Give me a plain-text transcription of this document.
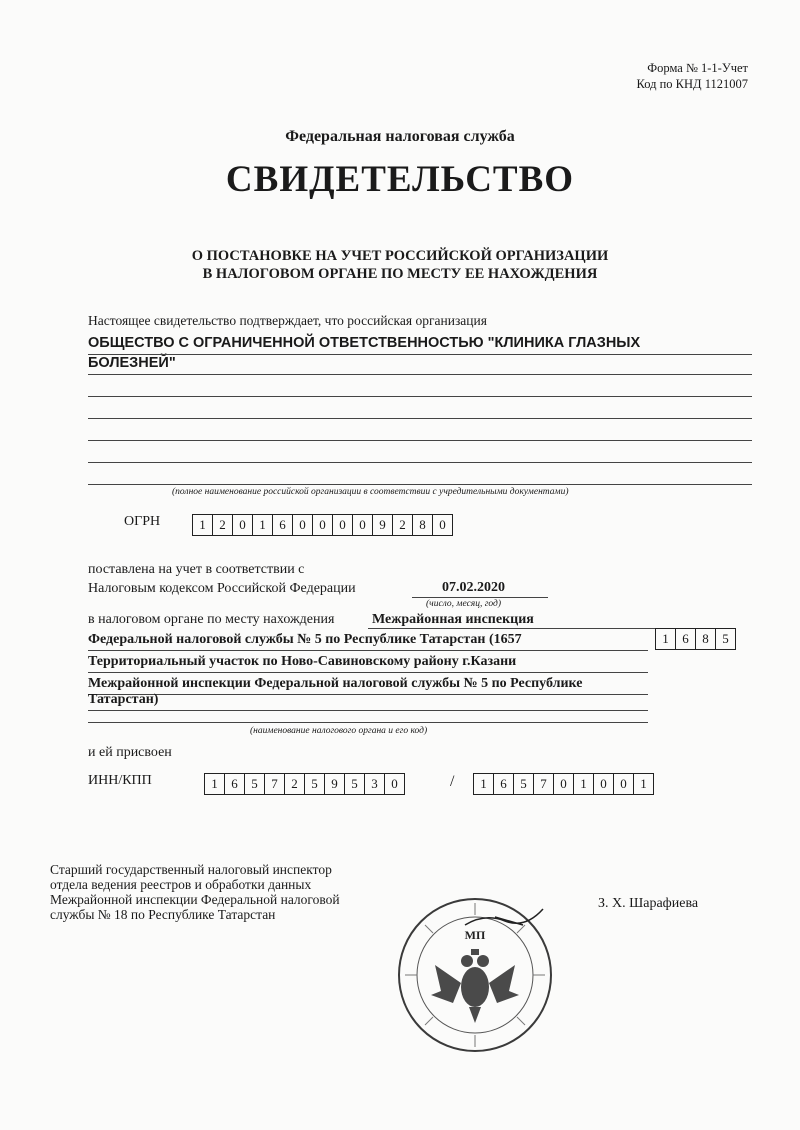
Форма № 1-1-Учет
Код по КНД 1121007
Федеральная налоговая служба
СВИДЕТЕЛЬСТВО
О ПОСТАНОВКЕ НА УЧЕТ РОССИЙСКОЙ ОРГАНИЗАЦИИ
В НАЛОГОВОМ ОРГАНЕ ПО МЕСТУ ЕЕ НАХОЖДЕНИЯ
Настоящее свидетельство подтверждает, что российская организация
ОБЩЕСТВО С ОГРАНИЧЕННОЙ ОТВЕТСТВЕННОСТЬЮ "КЛИНИКА ГЛАЗНЫХ
БОЛЕЗНЕЙ"
(полное наименование российской организации в соответствии с учредительными документами)
ОГРН	1	2	0	1	6	0	0	0	0	9	2	8	0
поставлена на учет в соответствии с
Налоговым кодексом Российской Федерации	07.02.2020
(число, месяц, год)
в налоговом органе по месту нахождения	Межрайонная инспекция
Федеральной налоговой службы № 5 по Республике Татарстан (1657	1	6	8	5
Территориальный участок по Ново-Савиновскому району г.Казани
Межрайонной инспекции Федеральной налоговой службы № 5 по Республике
Татарстан)
(наименование налогового органа и его код)
и ей присвоен
ИНН/КПП	1	6	5	7	2	5	9	5	3	0	/	1	6	5	7	0	1	0	0	1
Старший государственный налоговый инспектор
отдела ведения реестров и обработки данных
Межрайонной инспекции Федеральной налоговой
службы № 18 по Республике Татарстан
З. Х. Шарафиева
МП
